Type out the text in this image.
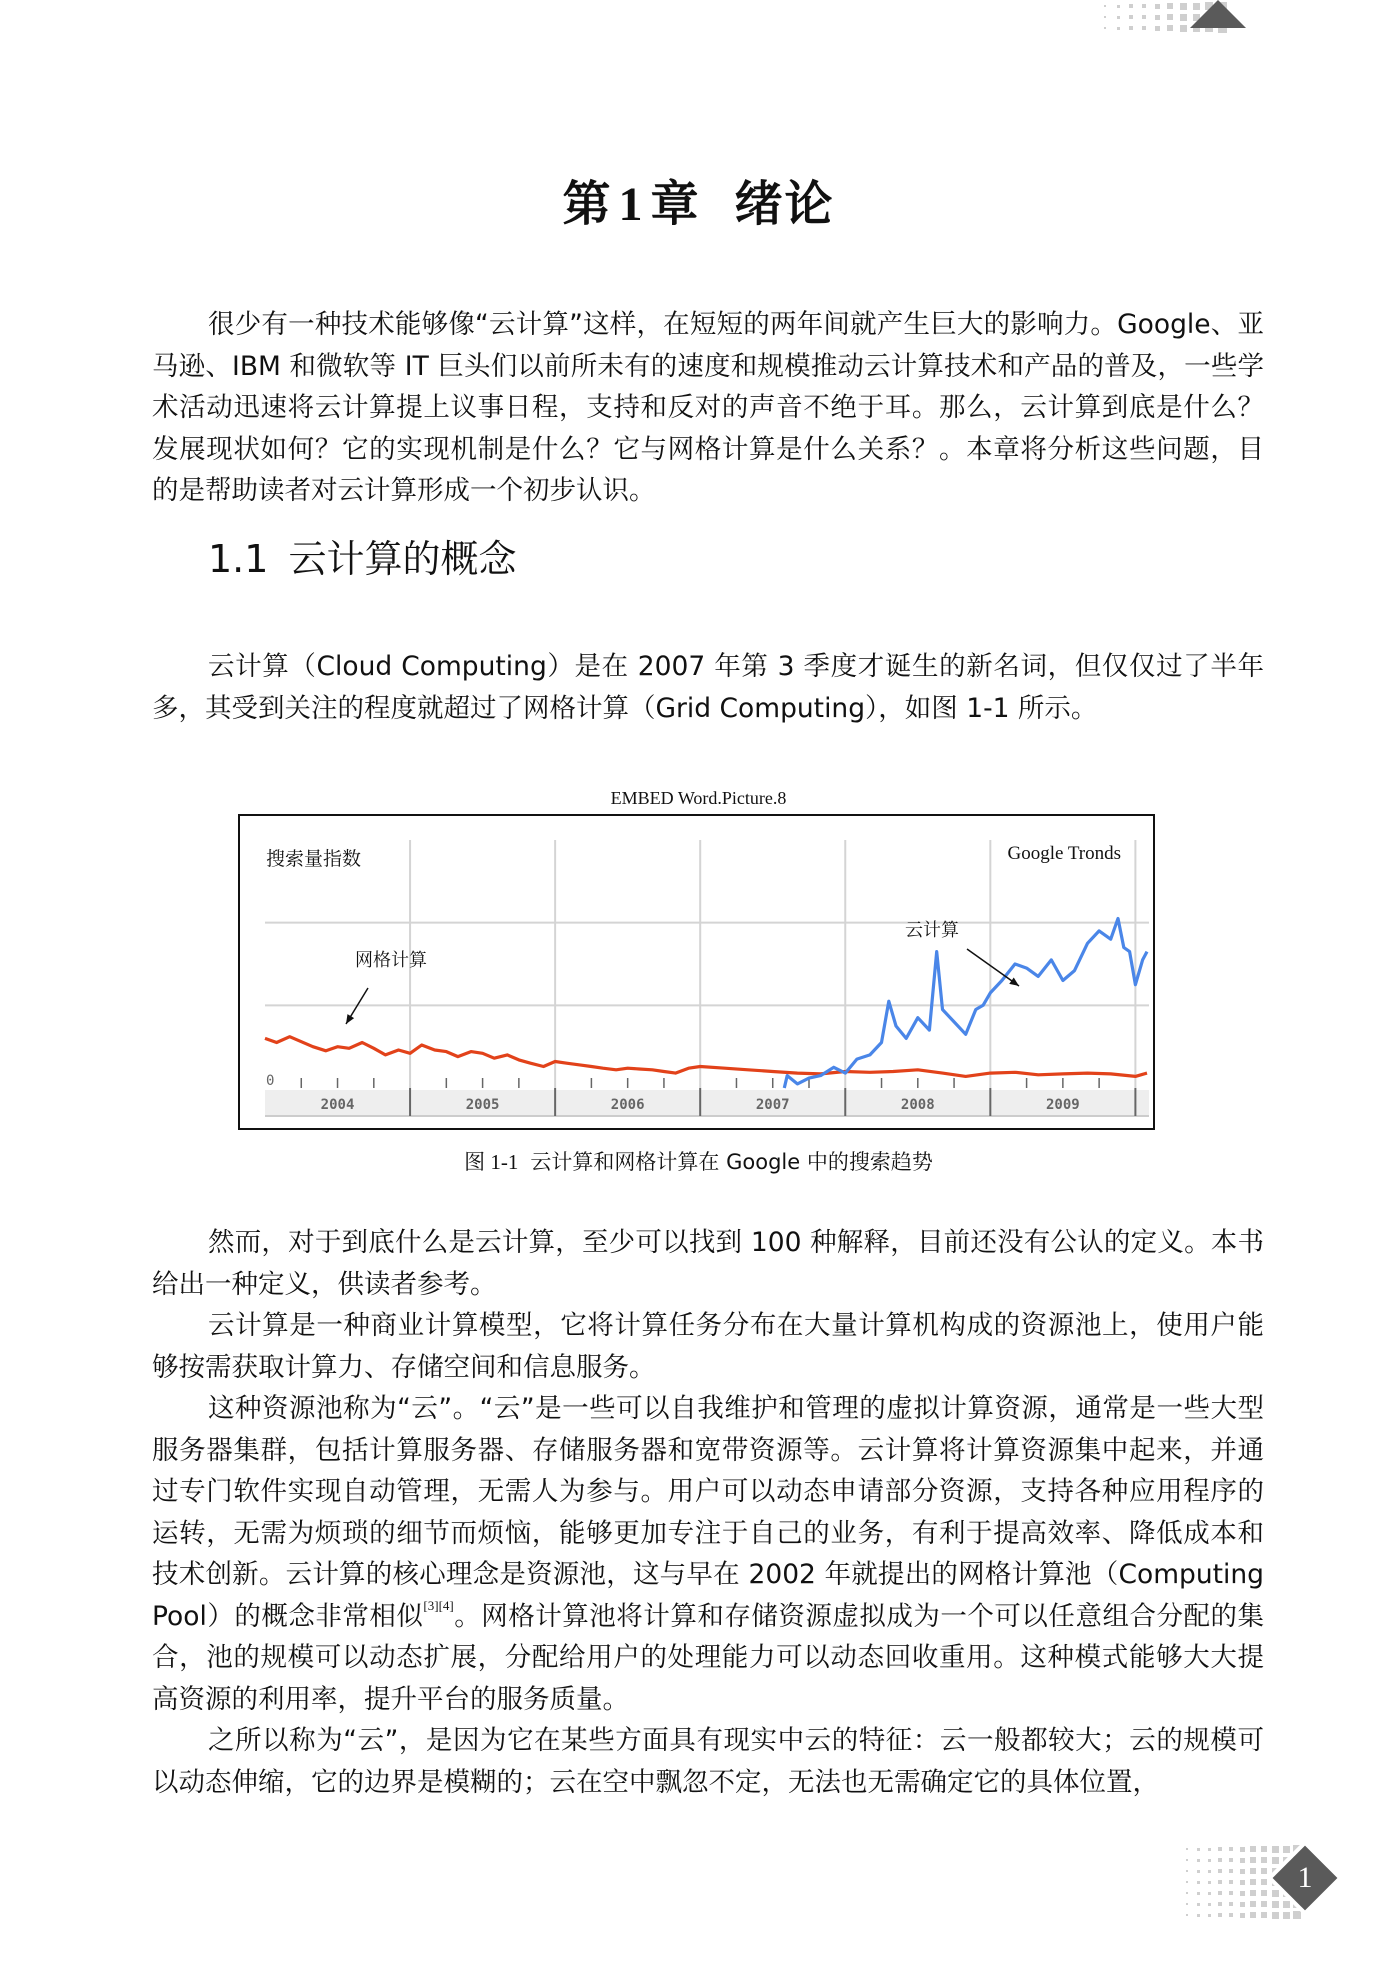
第 1 章 绪论

很少有一种技术能够像“云计算”这样，在短短的两年间就产生巨大的影响力。Google、亚马逊、IBM 和微软等 IT 巨头们以前所未有的速度和规模推动云计算技术和产品的普及，一些学术活动迅速将云计算提上议事日程，支持和反对的声音不绝于耳。那么，云计算到底是什么？发展现状如何？它的实现机制是什么？它与网格计算是什么关系？。本章将分析这些问题，目的是帮助读者对云计算形成一个初步认识。

1.1 云计算的概念

云计算（Cloud Computing）是在 2007 年第 3 季度才诞生的新名词，但仅仅过了半年多，其受到关注的程度就超过了网格计算（Grid Computing），如图 1-1 所示。

EMBED Word.Picture.8
2004	2005	2006	2007	2008	2009
搜索量指数	Google Tronds
网格计算
云计算
0
图 1-1 云计算和网格计算在 Google 中的搜索趋势

然而，对于到底什么是云计算，至少可以找到 100 种解释，目前还没有公认的定义。本书给出一种定义，供读者参考。

云计算是一种商业计算模型，它将计算任务分布在大量计算机构成的资源池上，使用户能够按需获取计算力、存储空间和信息服务。

这种资源池称为“云”。“云”是一些可以自我维护和管理的虚拟计算资源，通常是一些大型服务器集群，包括计算服务器、存储服务器和宽带资源等。云计算将计算资源集中起来，并通过专门软件实现自动管理，无需人为参与。用户可以动态申请部分资源，支持各种应用程序的运转，无需为烦琐的细节而烦恼，能够更加专注于自己的业务，有利于提高效率、降低成本和技术创新。云计算的核心理念是资源池，这与早在 2002 年就提出的网格计算池（Computing Pool）的概念非常相似[3][4]。网格计算池将计算和存储资源虚拟成为一个可以任意组合分配的集合，池的规模可以动态扩展，分配给用户的处理能力可以动态回收重用。这种模式能够大大提高资源的利用率，提升平台的服务质量。

之所以称为“云”，是因为它在某些方面具有现实中云的特征：云一般都较大；云的规模可以动态伸缩，它的边界是模糊的；云在空中飘忽不定，无法也无需确定它的具体位置，

1
